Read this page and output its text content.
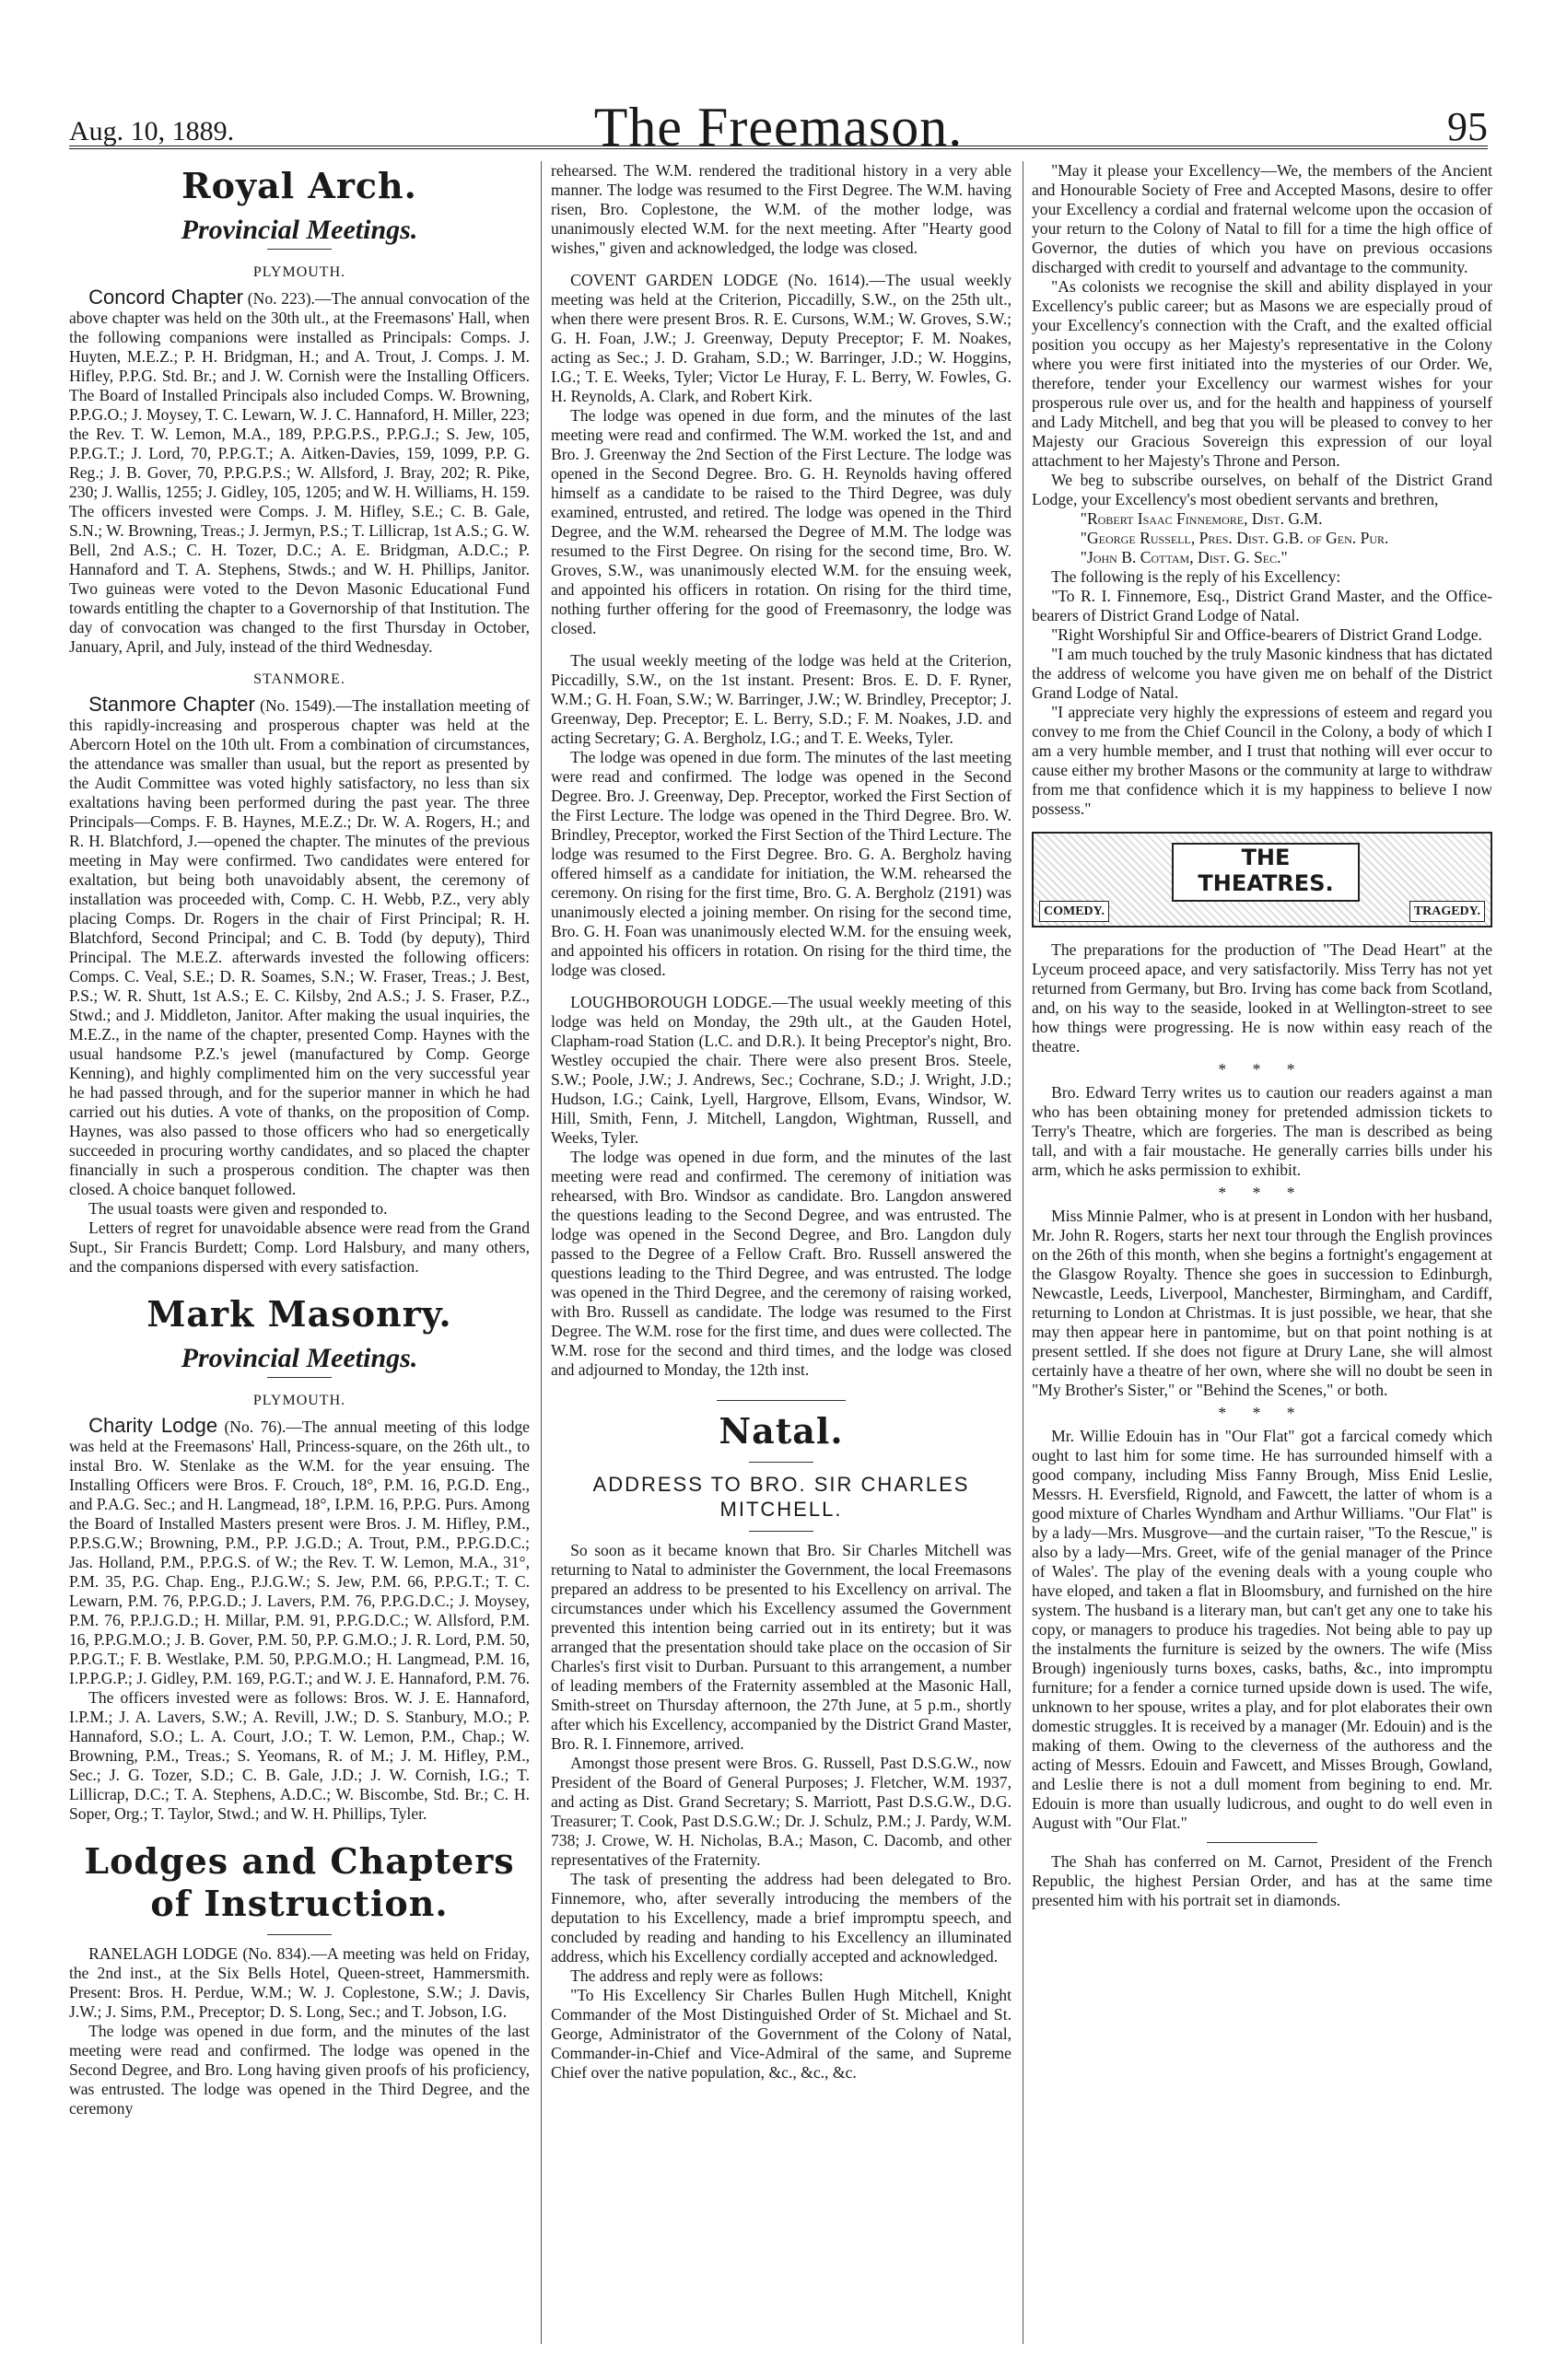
Aug. 10, 1889.	The Freemason.	95
Royal Arch.
Provincial Meetings.
PLYMOUTH.

Concord Chapter (No. 223).—The annual convocation of the above chapter was held on the 30th ult., at the Freemasons' Hall, when the following companions were installed as Principals: Comps. J. Huyten, M.E.Z.; P. H. Bridgman, H.; and A. Trout, J. Comps. J. M. Hifley, P.P.G. Std. Br.; and J. W. Cornish were the Installing Officers. The Board of Installed Principals also included Comps. W. Browning, P.P.G.O.; J. Moysey, T. C. Lewarn, W. J. C. Hannaford, H. Miller, 223; the Rev. T. W. Lemon, M.A., 189, P.P.G.P.S., P.P.G.J.; S. Jew, 105, P.P.G.T.; J. Lord, 70, P.P.G.T.; A. Aitken-Davies, 159, 1099, P.P. G. Reg.; J. B. Gover, 70, P.P.G.P.S.; W. Allsford, J. Bray, 202; R. Pike, 230; J. Wallis, 1255; J. Gidley, 105, 1205; and W. H. Williams, H. 159. The officers invested were Comps. J. M. Hifley, S.E.; C. B. Gale, S.N.; W. Browning, Treas.; J. Jermyn, P.S.; T. Lillicrap, 1st A.S.; G. W. Bell, 2nd A.S.; C. H. Tozer, D.C.; A. E. Bridgman, A.D.C.; P. Hannaford and T. A. Stephens, Stwds.; and W. H. Phillips, Janitor. Two guineas were voted to the Devon Masonic Educational Fund towards entitling the chapter to a Governorship of that Institution. The day of convocation was changed to the first Thursday in October, January, April, and July, instead of the third Wednesday.

STANMORE.

Stanmore Chapter (No. 1549).—The installation meeting of this rapidly-increasing and prosperous chapter was held at the Abercorn Hotel on the 10th ult. From a combination of circumstances, the attendance was smaller than usual, but the report as presented by the Audit Committee was voted highly satisfactory, no less than six exaltations having been performed during the past year. The three Principals—Comps. F. B. Haynes, M.E.Z.; Dr. W. A. Rogers, H.; and R. H. Blatchford, J.—opened the chapter. The minutes of the previous meeting in May were confirmed. Two candidates were entered for exaltation, but being both unavoidably absent, the ceremony of installation was proceeded with, Comp. C. H. Webb, P.Z., very ably placing Comps. Dr. Rogers in the chair of First Principal; R. H. Blatchford, Second Principal; and C. B. Todd (by deputy), Third Principal. The M.E.Z. afterwards invested the following officers: Comps. C. Veal, S.E.; D. R. Soames, S.N.; W. Fraser, Treas.; J. Best, P.S.; W. R. Shutt, 1st A.S.; E. C. Kilsby, 2nd A.S.; J. S. Fraser, P.Z., Stwd.; and J. Middleton, Janitor. After making the usual inquiries, the M.E.Z., in the name of the chapter, presented Comp. Haynes with the usual handsome P.Z.'s jewel (manufactured by Comp. George Kenning), and highly complimented him on the very successful year he had passed through, and for the superior manner in which he had carried out his duties. A vote of thanks, on the proposition of Comp. Haynes, was also passed to those officers who had so energetically succeeded in procuring worthy candidates, and so placed the chapter financially in such a prosperous condition. The chapter was then closed. A choice banquet followed.

The usual toasts were given and responded to.

Letters of regret for unavoidable absence were read from the Grand Supt., Sir Francis Burdett; Comp. Lord Halsbury, and many others, and the companions dispersed with every satisfaction.

Mark Masonry.
Provincial Meetings.
PLYMOUTH.

Charity Lodge (No. 76).—The annual meeting of this lodge was held at the Freemasons' Hall, Princess-square, on the 26th ult., to instal Bro. W. Stenlake as the W.M. for the year ensuing. The Installing Officers were Bros. F. Crouch, 18°, P.M. 16, P.G.D. Eng., and P.A.G. Sec.; and H. Langmead, 18°, I.P.M. 16, P.P.G. Purs. Among the Board of Installed Masters present were Bros. J. M. Hifley, P.M., P.P.S.G.W.; Browning, P.M., P.P. J.G.D.; A. Trout, P.M., P.P.G.D.C.; Jas. Holland, P.M., P.P.G.S. of W.; the Rev. T. W. Lemon, M.A., 31°, P.M. 35, P.G. Chap. Eng., P.J.G.W.; S. Jew, P.M. 66, P.P.G.T.; T. C. Lewarn, P.M. 76, P.P.G.D.; J. Lavers, P.M. 76, P.P.G.D.C.; J. Moysey, P.M. 76, P.P.J.G.D.; H. Millar, P.M. 91, P.P.G.D.C.; W. Allsford, P.M. 16, P.P.G.M.O.; J. B. Gover, P.M. 50, P.P. G.M.O.; J. R. Lord, P.M. 50, P.P.G.T.; F. B. Westlake, P.M. 50, P.P.G.M.O.; H. Langmead, P.M. 16, I.P.P.G.P.; J. Gidley, P.M. 169, P.G.T.; and W. J. E. Hannaford, P.M. 76.

The officers invested were as follows: Bros. W. J. E. Hannaford, I.P.M.; J. A. Lavers, S.W.; A. Revill, J.W.; D. S. Stanbury, M.O.; P. Hannaford, S.O.; L. A. Court, J.O.; T. W. Lemon, P.M., Chap.; W. Browning, P.M., Treas.; S. Yeomans, R. of M.; J. M. Hifley, P.M., Sec.; J. G. Tozer, S.D.; C. B. Gale, J.D.; J. W. Cornish, I.G.; T. Lillicrap, D.C.; T. A. Stephens, A.D.C.; W. Biscombe, Std. Br.; C. H. Soper, Org.; T. Taylor, Stwd.; and W. H. Phillips, Tyler.

Lodges and Chapters of Instruction.

RANELAGH LODGE (No. 834).—A meeting was held on Friday, the 2nd inst., at the Six Bells Hotel, Queen-street, Hammersmith. Present: Bros. H. Perdue, W.M.; W. J. Coplestone, S.W.; J. Davis, J.W.; J. Sims, P.M., Preceptor; D. S. Long, Sec.; and T. Jobson, I.G.

The lodge was opened in due form, and the minutes of the last meeting were read and confirmed. The lodge was opened in the Second Degree, and Bro. Long having given proofs of his proficiency, was entrusted. The lodge was opened in the Third Degree, and the ceremony

rehearsed. The W.M. rendered the traditional history in a very able manner. The lodge was resumed to the First Degree. The W.M. having risen, Bro. Coplestone, the W.M. of the mother lodge, was unanimously elected W.M. for the next meeting. After "Hearty good wishes," given and acknowledged, the lodge was closed.

COVENT GARDEN LODGE (No. 1614).—The usual weekly meeting was held at the Criterion, Piccadilly, S.W., on the 25th ult., when there were present Bros. R. E. Cursons, W.M.; W. Groves, S.W.; G. H. Foan, J.W.; J. Greenway, Deputy Preceptor; F. M. Noakes, acting as Sec.; J. D. Graham, S.D.; W. Barringer, J.D.; W. Hoggins, I.G.; T. E. Weeks, Tyler; Victor Le Huray, F. L. Berry, W. Fowles, G. H. Reynolds, A. Clark, and Robert Kirk.

The lodge was opened in due form, and the minutes of the last meeting were read and confirmed. The W.M. worked the 1st, and and Bro. J. Greenway the 2nd Section of the First Lecture. The lodge was opened in the Second Degree. Bro. G. H. Reynolds having offered himself as a candidate to be raised to the Third Degree, was duly examined, entrusted, and retired. The lodge was opened in the Third Degree, and the W.M. rehearsed the Degree of M.M. The lodge was resumed to the First Degree. On rising for the second time, Bro. W. Groves, S.W., was unanimously elected W.M. for the ensuing week, and appointed his officers in rotation. On rising for the third time, nothing further offering for the good of Freemasonry, the lodge was closed.

The usual weekly meeting of the lodge was held at the Criterion, Piccadilly, S.W., on the 1st instant. Present: Bros. E. D. F. Ryner, W.M.; G. H. Foan, S.W.; W. Barringer, J.W.; W. Brindley, Preceptor; J. Greenway, Dep. Preceptor; E. L. Berry, S.D.; F. M. Noakes, J.D. and acting Secretary; G. A. Bergholz, I.G.; and T. E. Weeks, Tyler.

The lodge was opened in due form. The minutes of the last meeting were read and confirmed. The lodge was opened in the Second Degree. Bro. J. Greenway, Dep. Preceptor, worked the First Section of the First Lecture. The lodge was opened in the Third Degree. Bro. W. Brindley, Preceptor, worked the First Section of the Third Lecture. The lodge was resumed to the First Degree. Bro. G. A. Bergholz having offered himself as a candidate for initiation, the W.M. rehearsed the ceremony. On rising for the first time, Bro. G. A. Bergholz (2191) was unanimously elected a joining member. On rising for the second time, Bro. G. H. Foan was unanimously elected W.M. for the ensuing week, and appointed his officers in rotation. On rising for the third time, the lodge was closed.

LOUGHBOROUGH LODGE.—The usual weekly meeting of this lodge was held on Monday, the 29th ult., at the Gauden Hotel, Clapham-road Station (L.C. and D.R.). It being Preceptor's night, Bro. Westley occupied the chair. There were also present Bros. Steele, S.W.; Poole, J.W.; J. Andrews, Sec.; Cochrane, S.D.; J. Wright, J.D.; Hudson, I.G.; Caink, Lyell, Hargrove, Ellsom, Evans, Windsor, W. Hill, Smith, Fenn, J. Mitchell, Langdon, Wightman, Russell, and Weeks, Tyler.

The lodge was opened in due form, and the minutes of the last meeting were read and confirmed. The ceremony of initiation was rehearsed, with Bro. Windsor as candidate. Bro. Langdon answered the questions leading to the Second Degree, and was entrusted. The lodge was opened in the Second Degree, and Bro. Langdon duly passed to the Degree of a Fellow Craft. Bro. Russell answered the questions leading to the Third Degree, and was entrusted. The lodge was opened in the Third Degree, and the ceremony of raising worked, with Bro. Russell as candidate. The lodge was resumed to the First Degree. The W.M. rose for the first time, and dues were collected. The W.M. rose for the second and third times, and the lodge was closed and adjourned to Monday, the 12th inst.

Natal.
ADDRESS TO BRO. SIR CHARLES MITCHELL.

So soon as it became known that Bro. Sir Charles Mitchell was returning to Natal to administer the Government, the local Freemasons prepared an address to be presented to his Excellency on arrival. The circumstances under which his Excellency assumed the Government prevented this intention being carried out in its entirety; but it was arranged that the presentation should take place on the occasion of Sir Charles's first visit to Durban. Pursuant to this arrangement, a number of leading members of the Fraternity assembled at the Masonic Hall, Smith-street on Thursday afternoon, the 27th June, at 5 p.m., shortly after which his Excellency, accompanied by the District Grand Master, Bro. R. I. Finnemore, arrived.

Amongst those present were Bros. G. Russell, Past D.S.G.W., now President of the Board of General Purposes; J. Fletcher, W.M. 1937, and acting as Dist. Grand Secretary; S. Marriott, Past D.S.G.W., D.G. Treasurer; T. Cook, Past D.S.G.W.; Dr. J. Schulz, P.M.; J. Pardy, W.M. 738; J. Crowe, W. H. Nicholas, B.A.; Mason, C. Dacomb, and other representatives of the Fraternity.

The task of presenting the address had been delegated to Bro. Finnemore, who, after severally introducing the members of the deputation to his Excellency, made a brief impromptu speech, and concluded by reading and handing to his Excellency an illuminated address, which his Excellency cordially accepted and acknowledged.

The address and reply were as follows:

"To His Excellency Sir Charles Bullen Hugh Mitchell, Knight Commander of the Most Distinguished Order of St. Michael and St. George, Administrator of the Government of the Colony of Natal, Commander-in-Chief and Vice-Admiral of the same, and Supreme Chief over the native population, &c., &c., &c.

"May it please your Excellency—We, the members of the Ancient and Honourable Society of Free and Accepted Masons, desire to offer your Excellency a cordial and fraternal welcome upon the occasion of your return to the Colony of Natal to fill for a time the high office of Governor, the duties of which you have on previous occasions discharged with credit to yourself and advantage to the community.

"As colonists we recognise the skill and ability displayed in your Excellency's public career; but as Masons we are especially proud of your Excellency's connection with the Craft, and the exalted official position you occupy as her Majesty's representative in the Colony where you were first initiated into the mysteries of our Order. We, therefore, tender your Excellency our warmest wishes for your prosperous rule over us, and for the health and happiness of yourself and Lady Mitchell, and beg that you will be pleased to convey to her Majesty our Gracious Sovereign this expression of our loyal attachment to her Majesty's Throne and Person.

We beg to subscribe ourselves, on behalf of the District Grand Lodge, your Excellency's most obedient servants and brethren,

"Robert Isaac Finnemore, Dist. G.M.

"George Russell, Pres. Dist. G.B. of Gen. Pur.

"John B. Cottam, Dist. G. Sec."

The following is the reply of his Excellency:

"To R. I. Finnemore, Esq., District Grand Master, and the Office-bearers of District Grand Lodge of Natal.

"Right Worshipful Sir and Office-bearers of District Grand Lodge.

"I am much touched by the truly Masonic kindness that has dictated the address of welcome you have given me on behalf of the District Grand Lodge of Natal.

"I appreciate very highly the expressions of esteem and regard you convey to me from the Chief Council in the Colony, a body of which I am a very humble member, and I trust that nothing will ever occur to cause either my brother Masons or the community at large to withdraw from me that confidence which it is my happiness to believe I now possess."

THE THEATRES.
COMEDY.	TRAGEDY.

The preparations for the production of "The Dead Heart" at the Lyceum proceed apace, and very satisfactorily. Miss Terry has not yet returned from Germany, but Bro. Irving has come back from Scotland, and, on his way to the seaside, looked in at Wellington-street to see how things were progressing. He is now within easy reach of the theatre.

* * *

Bro. Edward Terry writes us to caution our readers against a man who has been obtaining money for pretended admission tickets to Terry's Theatre, which are forgeries. The man is described as being tall, and with a fair moustache. He generally carries bills under his arm, which he asks permission to exhibit.

* * *

Miss Minnie Palmer, who is at present in London with her husband, Mr. John R. Rogers, starts her next tour through the English provinces on the 26th of this month, when she begins a fortnight's engagement at the Glasgow Royalty. Thence she goes in succession to Edinburgh, Newcastle, Leeds, Liverpool, Manchester, Birmingham, and Cardiff, returning to London at Christmas. It is just possible, we hear, that she may then appear here in pantomime, but on that point nothing is at present settled. If she does not figure at Drury Lane, she will almost certainly have a theatre of her own, where she will no doubt be seen in "My Brother's Sister," or "Behind the Scenes," or both.

* * *

Mr. Willie Edouin has in "Our Flat" got a farcical comedy which ought to last him for some time. He has surrounded himself with a good company, including Miss Fanny Brough, Miss Enid Leslie, Messrs. H. Eversfield, Rignold, and Fawcett, the latter of whom is a good mixture of Charles Wyndham and Arthur Williams. "Our Flat" is by a lady—Mrs. Musgrove—and the curtain raiser, "To the Rescue," is also by a lady—Mrs. Greet, wife of the genial manager of the Prince of Wales'. The play of the evening deals with a young couple who have eloped, and taken a flat in Bloomsbury, and furnished on the hire system. The husband is a literary man, but can't get any one to take his copy, or managers to produce his tragedies. Not being able to pay up the instalments the furniture is seized by the owners. The wife (Miss Brough) ingeniously turns boxes, casks, baths, &c., into impromptu furniture; for a fender a cornice turned upside down is used. The wife, unknown to her spouse, writes a play, and for plot elaborates their own domestic struggles. It is received by a manager (Mr. Edouin) and is the making of them. Owing to the cleverness of the authoress and the acting of Messrs. Edouin and Fawcett, and Misses Brough, Gowland, and Leslie there is not a dull moment from begining to end. Mr. Edouin is more than usually ludicrous, and ought to do well even in August with "Our Flat."

The Shah has conferred on M. Carnot, President of the French Republic, the highest Persian Order, and has at the same time presented him with his portrait set in diamonds.
